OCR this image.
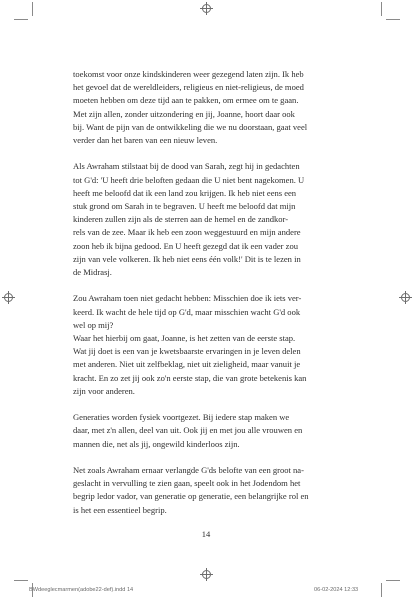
toekomst voor onze kindskinderen weer gezegend laten zijn. Ik heb
het gevoel dat de wereldleiders, religieus en niet-religieus, de moed
moeten hebben om deze tijd aan te pakken, om ermee om te gaan.
Met zijn allen, zonder uitzondering en jij, Joanne, hoort daar ook
bij. Want de pijn van de ontwikkeling die we nu doorstaan, gaat veel
verder dan het baren van een nieuw leven.

Als Awraham stilstaat bij de dood van Sarah, zegt hij in gedachten
tot G'd: 'U heeft drie beloften gedaan die U niet bent nagekomen. U
heeft me beloofd dat ik een land zou krijgen. Ik heb niet eens een
stuk grond om Sarah in te begraven. U heeft me beloofd dat mijn
kinderen zullen zijn als de sterren aan de hemel en de zandkor-
rels van de zee. Maar ik heb een zoon weggestuurd en mijn andere
zoon heb ik bijna gedood. En U heeft gezegd dat ik een vader zou
zijn van vele volkeren. Ik heb niet eens één volk!' Dit is te lezen in
de Midrasj.

Zou Awraham toen niet gedacht hebben: Misschien doe ik iets ver-
keerd. Ik wacht de hele tijd op G'd, maar misschien wacht G'd ook
wel op mij?
Waar het hierbij om gaat, Joanne, is het zetten van de eerste stap.
Wat jij doet is een van je kwetsbaarste ervaringen in je leven delen
met anderen. Niet uit zelfbeklag, niet uit zieligheid, maar vanuit je
kracht. En zo zet jij ook zo'n eerste stap, die van grote betekenis kan
zijn voor anderen.

Generaties worden fysiek voortgezet. Bij iedere stap maken we
daar, met z'n allen, deel van uit. Ook jij en met jou alle vrouwen en
mannen die, net als jij, ongewild kinderloos zijn.

Net zoals Awraham ernaar verlangde G'ds belofte van een groot na-
geslacht in vervulling te zien gaan, speelt ook in het Jodendom het
begrip ledor vador, van generatie op generatie, een belangrijke rol en
is het een essentieel begrip.

14
BWdeeglecmarmen(adobe22-def).indd 14	06-02-2024 12:33
